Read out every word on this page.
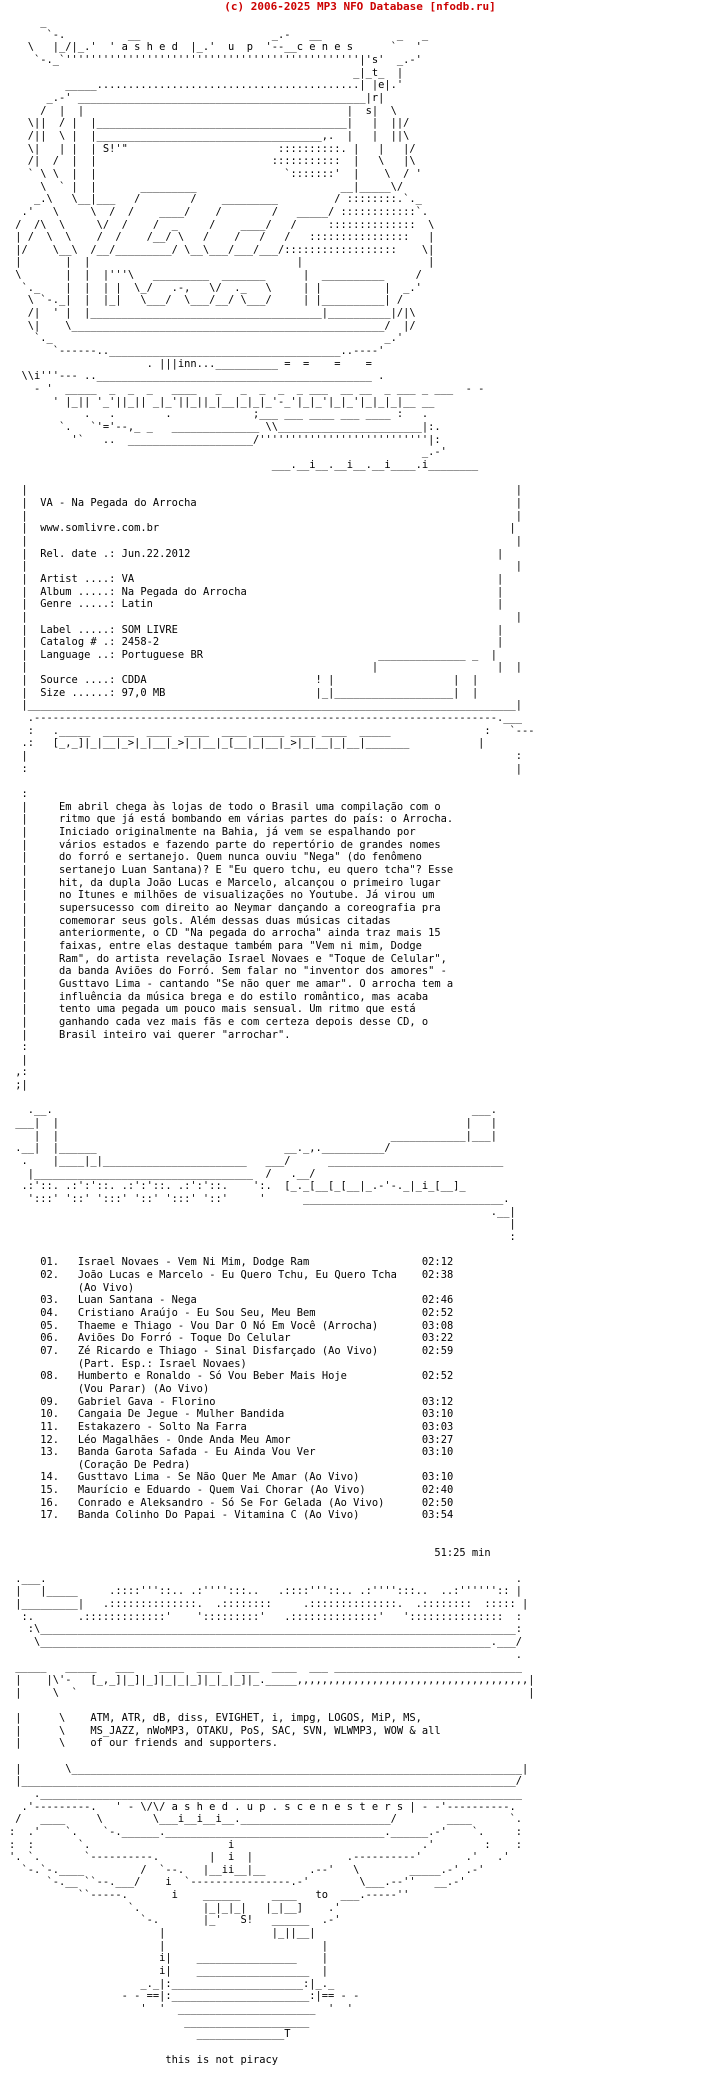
(c) 2006-2025 MP3 NFO Database [nfodb.ru]
_
`-.          __                     _.-   __            _   _
\   |_/|_.'  ' a s h e d  |_.'  u  p  '--__c e n e s      `   '
`-._`'''''''''''''''''''''''''''''''''''''''''''''''|'s'  _.-'
_|_t_  |
_____..........................................| |e|.'
_.-' ______________________________________________|r|
/  |  |                                          |  s|  \
\||  / |  |________________________________________|   |  ||/
/||  \ |  |____________________________________,.  |   |  ||\
\|   | |  | S!'"                        ::::::::::. |   |   |/
/|  /  |  |                            :::::::::::  |   \   |\
` \ \  |  |                              `:::::::'  |    \  / '
\  ` |  |       _________                       __|_____\/
_.\   \__|___   /        /    _________         / ::::::::.`._
.'   \     \  /  /    ____/    /        /   _____/ ::::::::::::`.
/  /\  \     \/  /    /  _     /    ____/   /     ::::::::::::::  \
| /  \  \    /  /    /__/ \   /    /   /   /   ::::::::::::::::   |
|/    \__\  /__/_________/ \__\___/___/___/::::::::::::::::::    \|
|       |  |                                 |                    |
\       |  |  |'''\   _________  _______      |  __________     /
`._    |  |  | |  \_/   .-,   \/  ._   \     | |          |  _.'
\ `-._|  |  |_|   \___/  \___/__/ \___/     | |__________| /
/|  ' |  |_____________________________________|__________|/|\
\|    \__________________________________________________/  |/
`._                                                     _.'
`------.._____________________________________..----'
. |||inn...__________ =  =    =    =
\\i'''--- ..____________________________________________ .
- '  _____  _  _  _   ____   _   _  _  _  _ ___  __ __  _ ___ _ ___  - -
' |_|| '_'||_|| _|_'||_||_|__|_|_|_'-_'|_|_'|_|_'|_|_|_|__ __
.   .        .             ;___ ___ ____ ___ ____ :   .
`.   `'='--,_ _   ______________ \\_______________________|:.
'`   ..  ____________________/'''''''''''''''''''''''''''|:
_.-'
___.__i__.__i__.__i____.i________

|                                                                              |
|  VA - Na Pegada do Arrocha	|
|                                                                              |
|  www.somlivre.com.br	|
|                                                                              |
|  Rel. date .: Jun.22.2012	|
|                                                                              |
|  Artist ....: VA	|
|  Album .....: Na Pegada do Arrocha	|
|  Genre .....: Latin	|
|                                                                              |
|  Label .....: SOM LIVRE	|
|  Catalog # .: 2458-2	|
|  Language ..: Portuguese BR	______________ _  |
|                                                       |                   |  |
|  Source ....: CDDA	! |                   |  |
|  Size ......: 97,0 MB	|_|___________________|  |
|______________________________________________________________________________|
.--------------------------------------------------------------------------.___
:   ._____  _____  ____  ____  ____ _____ ____ ____  _____               :   `---
.:   [_,_]|_|__|_>|_|__|_>|_|__|_[__|_|__|_>|_|__|_|__|_______           |
|                                                                              :
:                                                                              |

:
|     Em abril chega às lojas de todo o Brasil uma compilação com o
|     ritmo que já está bombando em várias partes do país: o Arrocha.
|     Iniciado originalmente na Bahia, já vem se espalhando por
|     vários estados e fazendo parte do repertório de grandes nomes
|     do forró e sertanejo. Quem nunca ouviu "Nega" (do fenômeno
|     sertanejo Luan Santana)? E "Eu quero tchu, eu quero tcha"? Esse
|     hit, da dupla João Lucas e Marcelo, alcançou o primeiro lugar
|     no Itunes e milhões de visualizações no Youtube. Já virou um
|     supersucesso com direito ao Neymar dançando a coreografia pra
|     comemorar seus gols. Além dessas duas músicas citadas
|     anteriormente, o CD "Na pegada do arrocha" ainda traz mais 15
|     faixas, entre elas destaque também para "Vem ni mim, Dodge
|     Ram", do artista revelação Israel Novaes e "Toque de Celular",
|     da banda Aviões do Forró. Sem falar no "inventor dos amores" -
|     Gusttavo Lima - cantando "Se não quer me amar". O arrocha tem a
|     influência da música brega e do estilo romântico, mas acaba
|     tento uma pegada um pouco mais sensual. Um ritmo que está
|     ganhando cada vez mais fãs e com certeza depois desse CD, o
|     Brasil inteiro vai querer "arrochar".
:
|
,:
;|

.__.                                                                   ___.
___|  |                                                                 |   |
|  |                                                     ____________|___|
.__|  |______                              __._,.__________/
.    |____|_|_______________________   ___/      ____________________________
|___________________________________  /   .__/
.:'::. .:':'::. .:':'::. .:':'::.    ':.  [_._[__[_[__|_.-'-._|_i_[__]_
':::' '::' ':::' '::' ':::' '::'     '      ________________________________.
.__|
|
:

01. Israel Novaes - Vem Ni Mim, Dodge Ram	02:12
02. João Lucas e Marcelo - Eu Quero Tchu, Eu Quero Tcha 02:38
(Ao Vivo)
03. Luan Santana - Nega	02:46
04. Cristiano Araújo - Eu Sou Seu, Meu Bem	02:52
05. Thaeme e Thiago - Vou Dar O Nó Em Você (Arrocha)	03:08
06. Aviões Do Forró - Toque Do Celular	03:22
07. Zé Ricardo e Thiago - Sinal Disfarçado (Ao Vivo)	02:59
(Part. Esp.: Israel Novaes)
08. Humberto e Ronaldo - Só Vou Beber Mais Hoje	02:52
(Vou Parar) (Ao Vivo)
09. Gabriel Gava - Florino	03:12
10. Cangaia De Jegue - Mulher Bandida	03:10
11. Estakazero - Solto Na Farra	03:03
12. Léo Magalhães - Onde Anda Meu Amor	03:27
13. Banda Garota Safada - Eu Ainda Vou Ver	03:10
(Coração De Pedra)
14. Gusttavo Lima - Se Não Quer Me Amar (Ao Vivo)	03:10
15. Maurício e Eduardo - Quem Vai Chorar (Ao Vivo)	02:40
16. Conrado e Aleksandro - Só Se For Gelada (Ao Vivo)	02:50
17. Banda Colinho Do Papai - Vitamina C (Ao Vivo)	03:54

51:25 min

.___.                                                                           .
|   |_____     .::::'''::.. .:'''':::..   .::::'''::.. .:'''':::..  ..:'''''':: |
|_________|   .::::::::::::::.  .::::::::     .::::::::::::::.  .::::::::  ::::: |
:.       .:::::::::::::'    ':::::::::'   .::::::::::::::'   ':::::::::::::::  :
:\____________________________________________________________________________:
\________________________________________________________________________.___/
.
_____   _____   ___    ____  ____  ____  ____  ___ ______________________________
|    |\'-   [_,_]|_]|_]|_|_|_]|_|_|_]|_._____,,,,,,,,,,,,,,,,,,,,,,,,,,,,,,,,,,,,,|
|     \  `                                                                        |

|      \    ATM, ATR, dB, diss, EVIGHET, i, impg, LOGOS, MiP, MS,
|      \    MS_JAZZ, nWoMP3, OTAKU, PoS, SAC, SVN, WLWMP3, WOW & all
|      \    of our friends and supporters.

|       \________________________________________________________________________|
|_______________________________________________________________________________/
._____________________________________________________________________________
.'---------.   ' - \/\/ a s h e d . u p . s c e n e s t e r s | - -'----------.
/   ____     \        \___i__i__i__.________________________/        ____      `.
:  .'    `.    `-.______.___________________________________.______.-'    `.     :
:  :       `.                      i                              .'        :    :
'. `.       `----------.        |  i  |               .----------'       .'   .'
`-.`-.____         /  `--.   |__ii__|__       .--'   \        _____.-' .-'
`-.__ ``--.___/    i  `----------------.-'        \___.--''   __.-'
``-----.       i    ______     ____   to  ___.-----''
`.          |_|_|_|   |_|__]    .'
`-.       |_'   S!   ______  .-'
|                 |_||__|
|                         |
i|    ________________    |
i|    __________________  |
_._|:_____________________:|_._
- - ==|:______________________:|== - -
'  '  ______________________  '  '
____________________
______________T

this is not piracy
